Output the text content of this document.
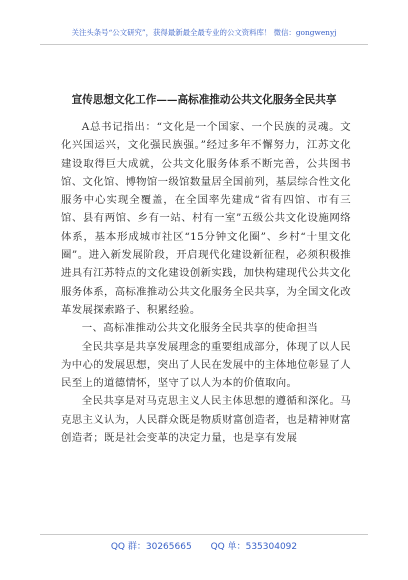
关注头条号“公文研究”，获得最新最全最专业的公文资料库！ 微信：gongwenyj
宣传思想文化工作——高标准推动公共文化服务全民共享

A总书记指出：“文化是一个国家、一个民族的灵魂。文化兴国运兴，文化强民族强。”经过多年不懈努力，江苏文化建设取得巨大成就，公共文化服务体系不断完善，公共图书馆、文化馆、博物馆一级馆数量居全国前列，基层综合性文化服务中心实现全覆盖，在全国率先建成“省有四馆、市有三馆、县有两馆、乡有一站、村有一室”五级公共文化设施网络体系，基本形成城市社区“15分钟文化圈”、乡村“十里文化圈”。进入新发展阶段，开启现代化建设新征程，必须积极推进具有江苏特点的文化建设创新实践，加快构建现代公共文化服务体系，高标准推动公共文化服务全民共享，为全国文化改革发展探索路子、积累经验。

一、高标准推动公共文化服务全民共享的使命担当

全民共享是共享发展理念的重要组成部分，体现了以人民为中心的发展思想，突出了人民在发展中的主体地位彰显了人民至上的道德情怀，坚守了以人为本的价值取向。

全民共享是对马克思主义人民主体思想的遵循和深化。马克思主义认为，人民群众既是物质财富创造者，也是精神财富创造者；既是社会变革的决定力量，也是享有发展

QQ 群：30265665 QQ 单：535304092
